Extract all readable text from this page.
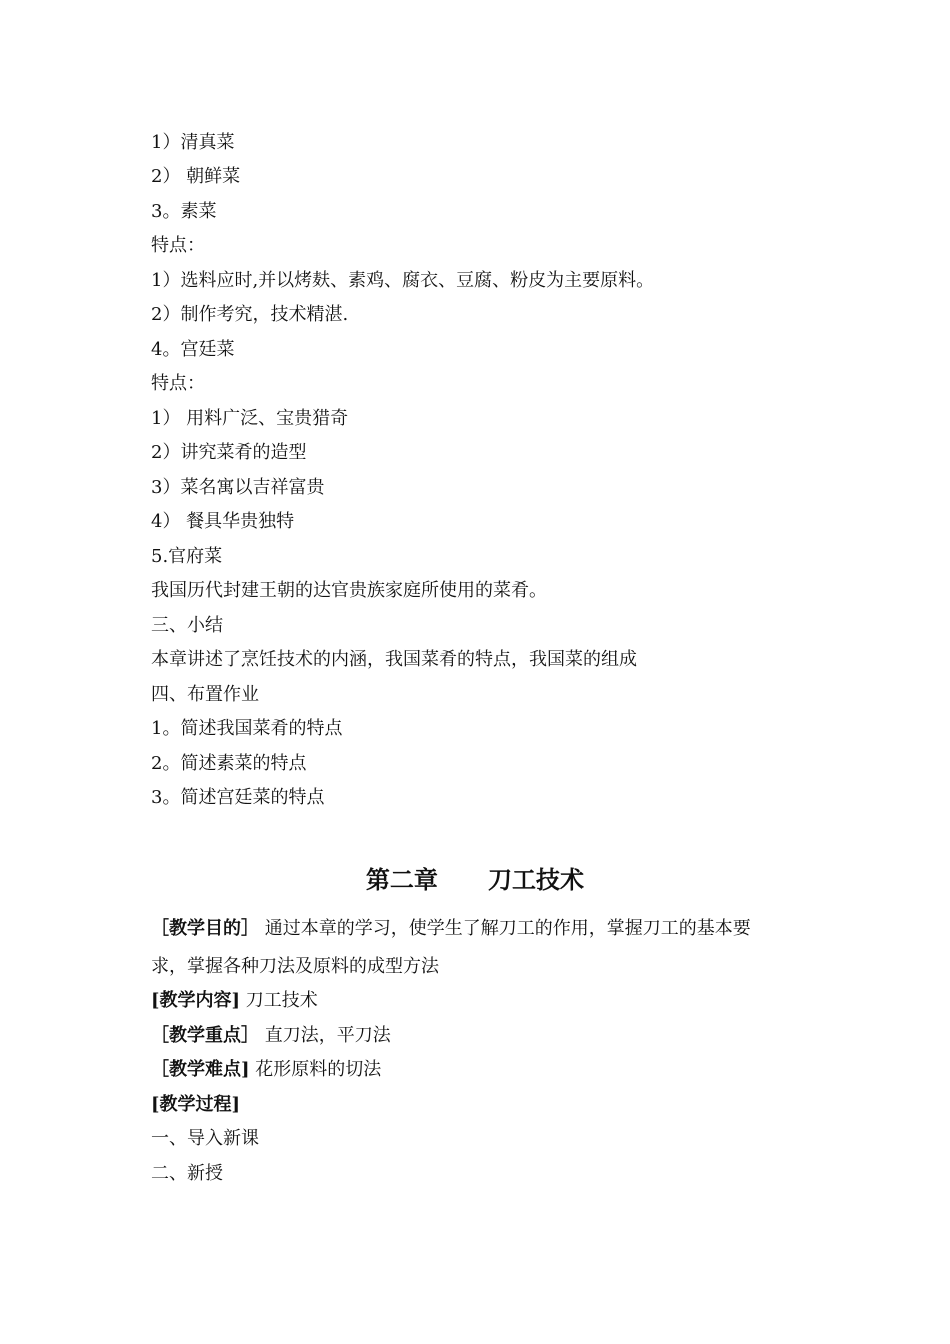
1）清真菜
2） 朝鲜菜
3。素菜
特点：
1）选料应时,并以烤麸、素鸡、腐衣、豆腐、粉皮为主要原料。
2）制作考究，技术精湛.
4。宫廷菜
特点：
1） 用料广泛、宝贵猎奇
2）讲究菜肴的造型
3）菜名寓以吉祥富贵
4） 餐具华贵独特
5.官府菜
我国历代封建王朝的达官贵族家庭所使用的菜肴。
三、小结
本章讲述了烹饪技术的内涵，我国菜肴的特点，我国菜的组成
四、布置作业
1。简述我国菜肴的特点
2。简述素菜的特点
3。简述宫廷菜的特点
第二章      刀工技术
［教学目的］ 通过本章的学习，使学生了解刀工的作用，掌握刀工的基本要
求，掌握各种刀法及原料的成型方法
[教学内容] 刀工技术
［教学重点］ 直刀法，平刀法
［教学难点] 花形原料的切法
[教学过程]
一、导入新课
二、新授
